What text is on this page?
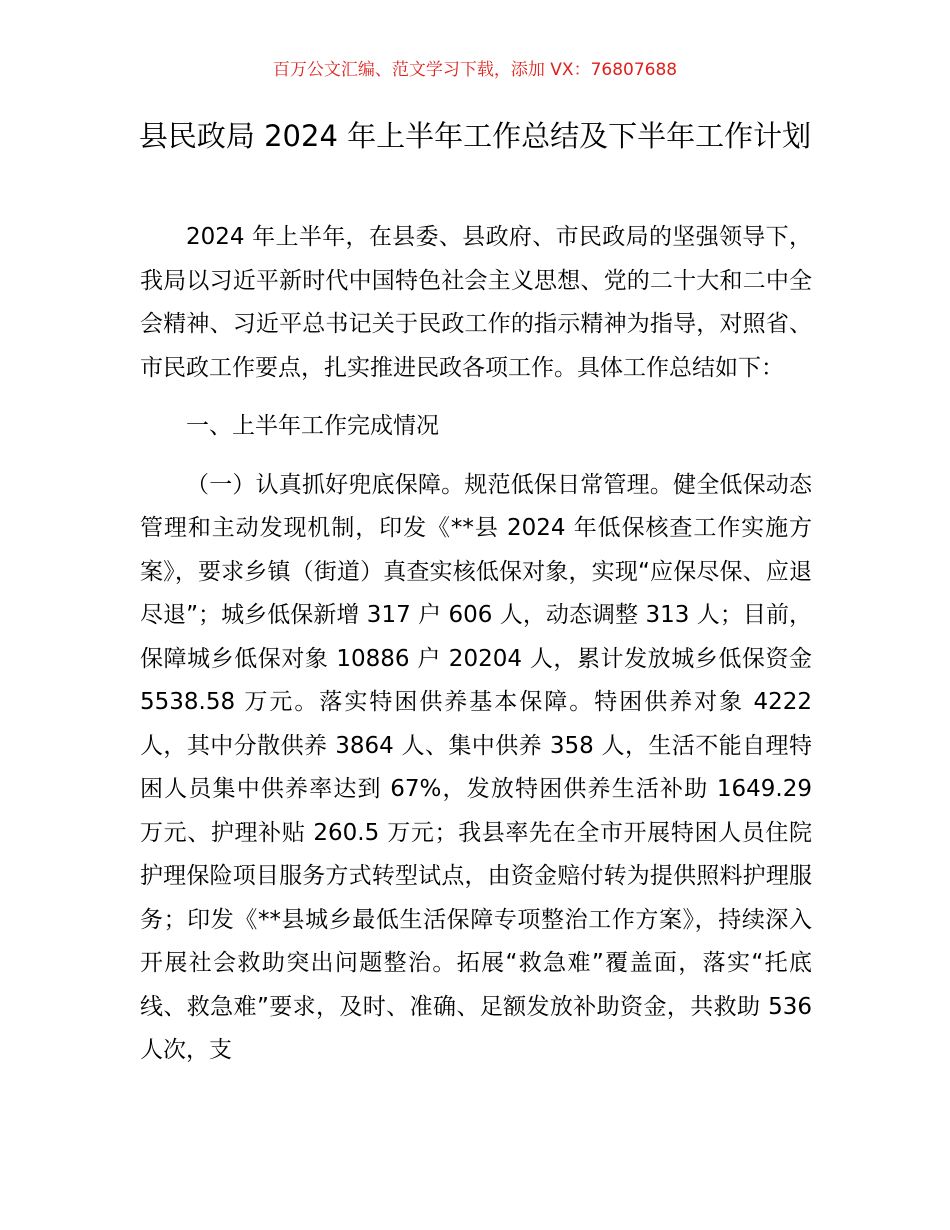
百万公文汇编、范文学习下载，添加 VX：76807688
县民政局 2024 年上半年工作总结及下半年工作计划

2024 年上半年，在县委、县政府、市民政局的坚强领导下，我局以习近平新时代中国特色社会主义思想、党的二十大和二中全会精神、习近平总书记关于民政工作的指示精神为指导，对照省、市民政工作要点，扎实推进民政各项工作。具体工作总结如下：

一、上半年工作完成情况

（一）认真抓好兜底保障。规范低保日常管理。健全低保动态管理和主动发现机制，印发《**县 2024 年低保核查工作实施方案》，要求乡镇（街道）真查实核低保对象，实现“应保尽保、应退尽退”；城乡低保新增 317 户 606 人，动态调整 313 人；目前，保障城乡低保对象 10886 户 20204 人，累计发放城乡低保资金 5538.58 万元。落实特困供养基本保障。特困供养对象 4222 人，其中分散供养 3864 人、集中供养 358 人，生活不能自理特困人员集中供养率达到 67%，发放特困供养生活补助 1649.29 万元、护理补贴 260.5 万元；我县率先在全市开展特困人员住院护理保险项目服务方式转型试点，由资金赔付转为提供照料护理服务；印发《**县城乡最低生活保障专项整治工作方案》，持续深入开展社会救助突出问题整治。拓展“救急难”覆盖面，落实“托底线、救急难”要求，及时、准确、足额发放补助资金，共救助 536 人次，支
